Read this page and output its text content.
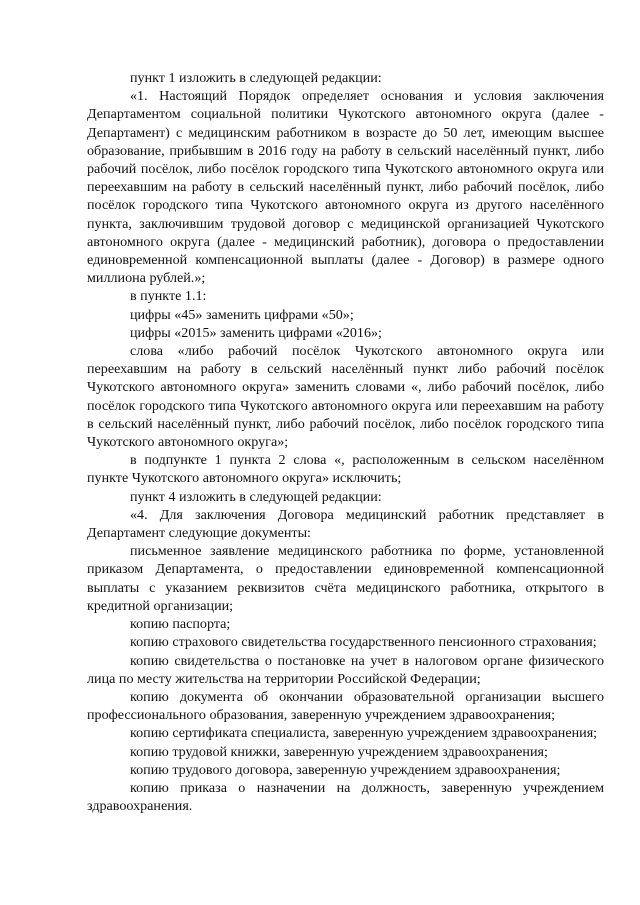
пункт 1 изложить в следующей редакции:

«1. Настоящий Порядок определяет основания и условия заключения Департаментом социальной политики Чукотского автономного округа (далее - Департамент) с медицинским работником в возрасте до 50 лет, имеющим высшее образование, прибывшим в 2016 году на работу в сельский населённый пункт, либо рабочий посёлок, либо посёлок городского типа Чукотского автономного округа или переехавшим на работу в сельский населённый пункт, либо рабочий посёлок, либо посёлок городского типа Чукотского автономного округа из другого населённого пункта, заключившим трудовой договор с медицинской организацией Чукотского автономного округа (далее - медицинский работник), договора о предоставлении единовременной компенсационной выплаты (далее - Договор) в размере одного миллиона рублей.»;

в пункте 1.1:

цифры «45» заменить цифрами «50»;

цифры «2015» заменить цифрами «2016»;

слова «либо рабочий посёлок Чукотского автономного округа или переехавшим на работу в сельский населённый пункт либо рабочий посёлок Чукотского автономного округа» заменить словами «, либо рабочий посёлок, либо посёлок городского типа Чукотского автономного округа или переехавшим на работу в сельский населённый пункт, либо рабочий посёлок, либо посёлок городского типа Чукотского автономного округа»;

в подпункте 1 пункта 2 слова «, расположенным в сельском населённом пункте Чукотского автономного округа» исключить;

пункт 4 изложить в следующей редакции:

«4. Для заключения Договора медицинский работник представляет в Департамент следующие документы:

письменное заявление медицинского работника по форме, установленной приказом Департамента, о предоставлении единовременной компенсационной выплаты с указанием реквизитов счёта медицинского работника, открытого в кредитной организации;

копию паспорта;

копию страхового свидетельства государственного пенсионного страхования;

копию свидетельства о постановке на учет в налоговом органе физического лица по месту жительства на территории Российской Федерации;

копию документа об окончании образовательной организации высшего профессионального образования, заверенную учреждением здравоохранения;

копию сертификата специалиста, заверенную учреждением здравоохранения;

копию трудовой книжки, заверенную учреждением здравоохранения;

копию трудового договора, заверенную учреждением здравоохранения;

копию приказа о назначении на должность, заверенную учреждением здравоохранения.
